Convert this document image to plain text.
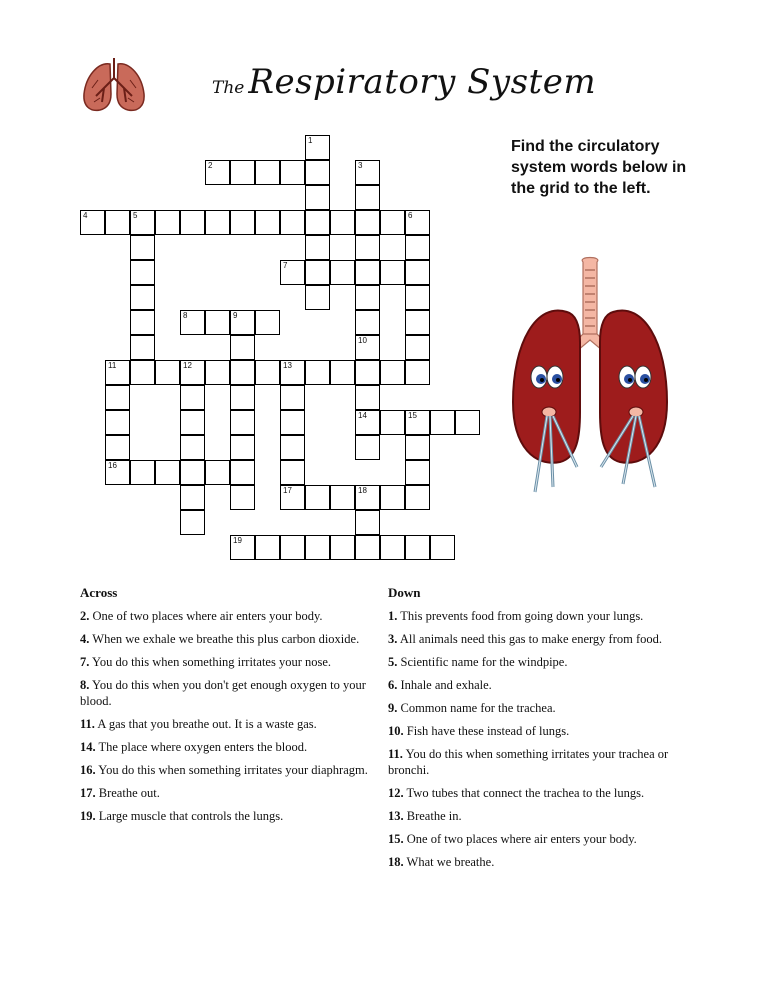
The Respiratory System
Find the circulatory system words below in the grid to the left.
1
2	3
4	5	6
7
8	9
10
14
11	12	13
16
17
15
18
19
Across
2. One of two places where air enters your body.
4. When we exhale we breathe this plus carbon dioxide.
7. You do this when something irritates your nose.
8. You do this when you don't get enough oxygen to your blood.
11. A gas that you breathe out. It is a waste gas.
14. The place where oxygen enters the blood.
16. You do this when something irritates your diaphragm.
17. Breathe out.
19. Large muscle that controls the lungs.
Down
1. This prevents food from going down your lungs.
3. All animals need this gas to make energy from food.
5. Scientific name for the windpipe.
6. Inhale and exhale.
9. Common name for the trachea.
10. Fish have these instead of lungs.
11. You do this when something irritates your trachea or bronchi.
12. Two tubes that connect the trachea to the lungs.
13. Breathe in.
15. One of two places where air enters your body.
18. What we breathe.
